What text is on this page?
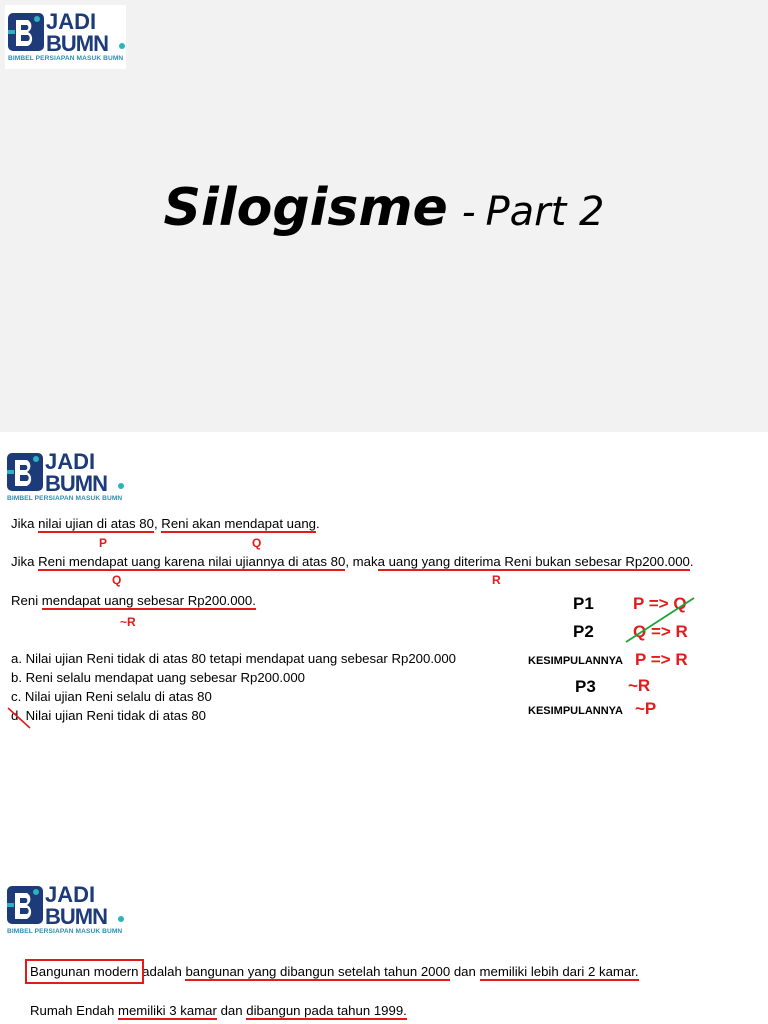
JADI
BUMN
BIMBEL PERSIAPAN MASUK BUMN
Silogisme - Part 2
JADI
BUMN
BIMBEL PERSIAPAN MASUK BUMN
Jika nilai ujian di atas 80, Reni akan mendapat uang.
P	Q
Jika Reni mendapat uang karena nilai ujiannya di atas 80, maka uang yang diterima Reni bukan sebesar Rp200.000.
Q	R
Reni mendapat uang sebesar Rp200.000.
~R
a. Nilai ujian Reni tidak di atas 80 tetapi mendapat uang sebesar Rp200.000
b. Reni selalu mendapat uang sebesar Rp200.000
c. Nilai ujian Reni selalu di atas 80
d. Nilai ujian Reni tidak di atas 80
P1 P => Q
P2 Q => R
KESIMPULANNYA P => R
P3 ~R
KESIMPULANNYA ~P
JADI
BUMN
BIMBEL PERSIAPAN MASUK BUMN
Bangunan modern adalah bangunan yang dibangun setelah tahun 2000 dan memiliki lebih dari 2 kamar.
Rumah Endah memiliki 3 kamar dan dibangun pada tahun 1999.
